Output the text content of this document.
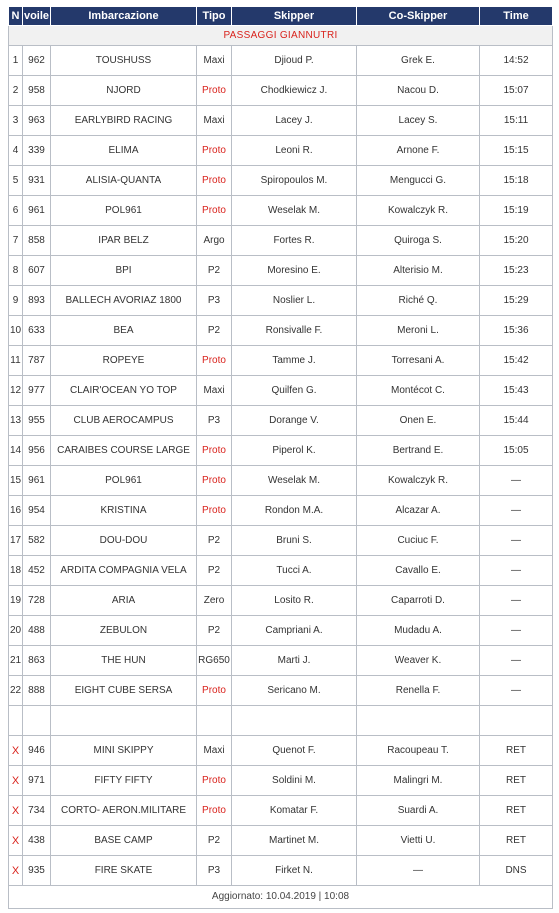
N	voile	Imbarcazione	Tipo	Skipper	Co-Skipper	Time
PASSAGGI GIANNUTRI						
1	962	TOUSHUSS	Maxi	Djioud P.	Grek E.	14:52
2	958	NJORD	Proto	Chodkiewicz J.	Nacou D.	15:07
3	963	EARLYBIRD RACING	Maxi	Lacey J.	Lacey S.	15:11
4	339	ELIMA	Proto	Leoni R.	Arnone F.	15:15
5	931	ALISIA-QUANTA	Proto	Spiropoulos M.	Mengucci G.	15:18
6	961	POL961	Proto	Weselak M.	Kowalczyk R.	15:19
7	858	IPAR BELZ	Argo	Fortes R.	Quiroga S.	15:20
8	607	BPI	P2	Moresino E.	Alterisio M.	15:23
9	893	BALLECH AVORIAZ 1800	P3	Noslier L.	Riché Q.	15:29
10	633	BEA	P2	Ronsivalle F.	Meroni L.	15:36
11	787	ROPEYE	Proto	Tamme J.	Torresani A.	15:42
12	977	CLAIR'OCEAN YO TOP	Maxi	Quilfen G.	Montécot C.	15:43
13	955	CLUB AEROCAMPUS	P3	Dorange V.	Onen E.	15:44
14	956	CARAIBES COURSE LARGE	Proto	Piperol K.	Bertrand E.	15:05
15	961	POL961	Proto	Weselak M.	Kowalczyk R.	—
16	954	KRISTINA	Proto	Rondon M.A.	Alcazar A.	—
17	582	DOU-DOU	P2	Bruni S.	Cuciuc F.	—
18	452	ARDITA COMPAGNIA VELA	P2	Tucci A.	Cavallo E.	—
19	728	ARIA	Zero	Losito R.	Caparroti D.	—
20	488	ZEBULON	P2	Campriani A.	Mudadu A.	—
21	863	THE HUN	RG650	Marti J.	Weaver K.	—
22	888	EIGHT CUBE SERSA	Proto	Sericano M.	Renella F.	—

X	946	MINI SKIPPY	Maxi	Quenot F.	Racoupeau T.	RET
X	971	FIFTY FIFTY	Proto	Soldini M.	Malingri M.	RET
X	734	CORTO- AERON.MILITARE	Proto	Komatar F.	Suardi A.	RET
X	438	BASE CAMP	P2	Martinet M.	Vietti U.	RET
X	935	FIRE SKATE	P3	Firket N.	—	DNS
Aggiornato: 10.04.2019 | 10:08						
